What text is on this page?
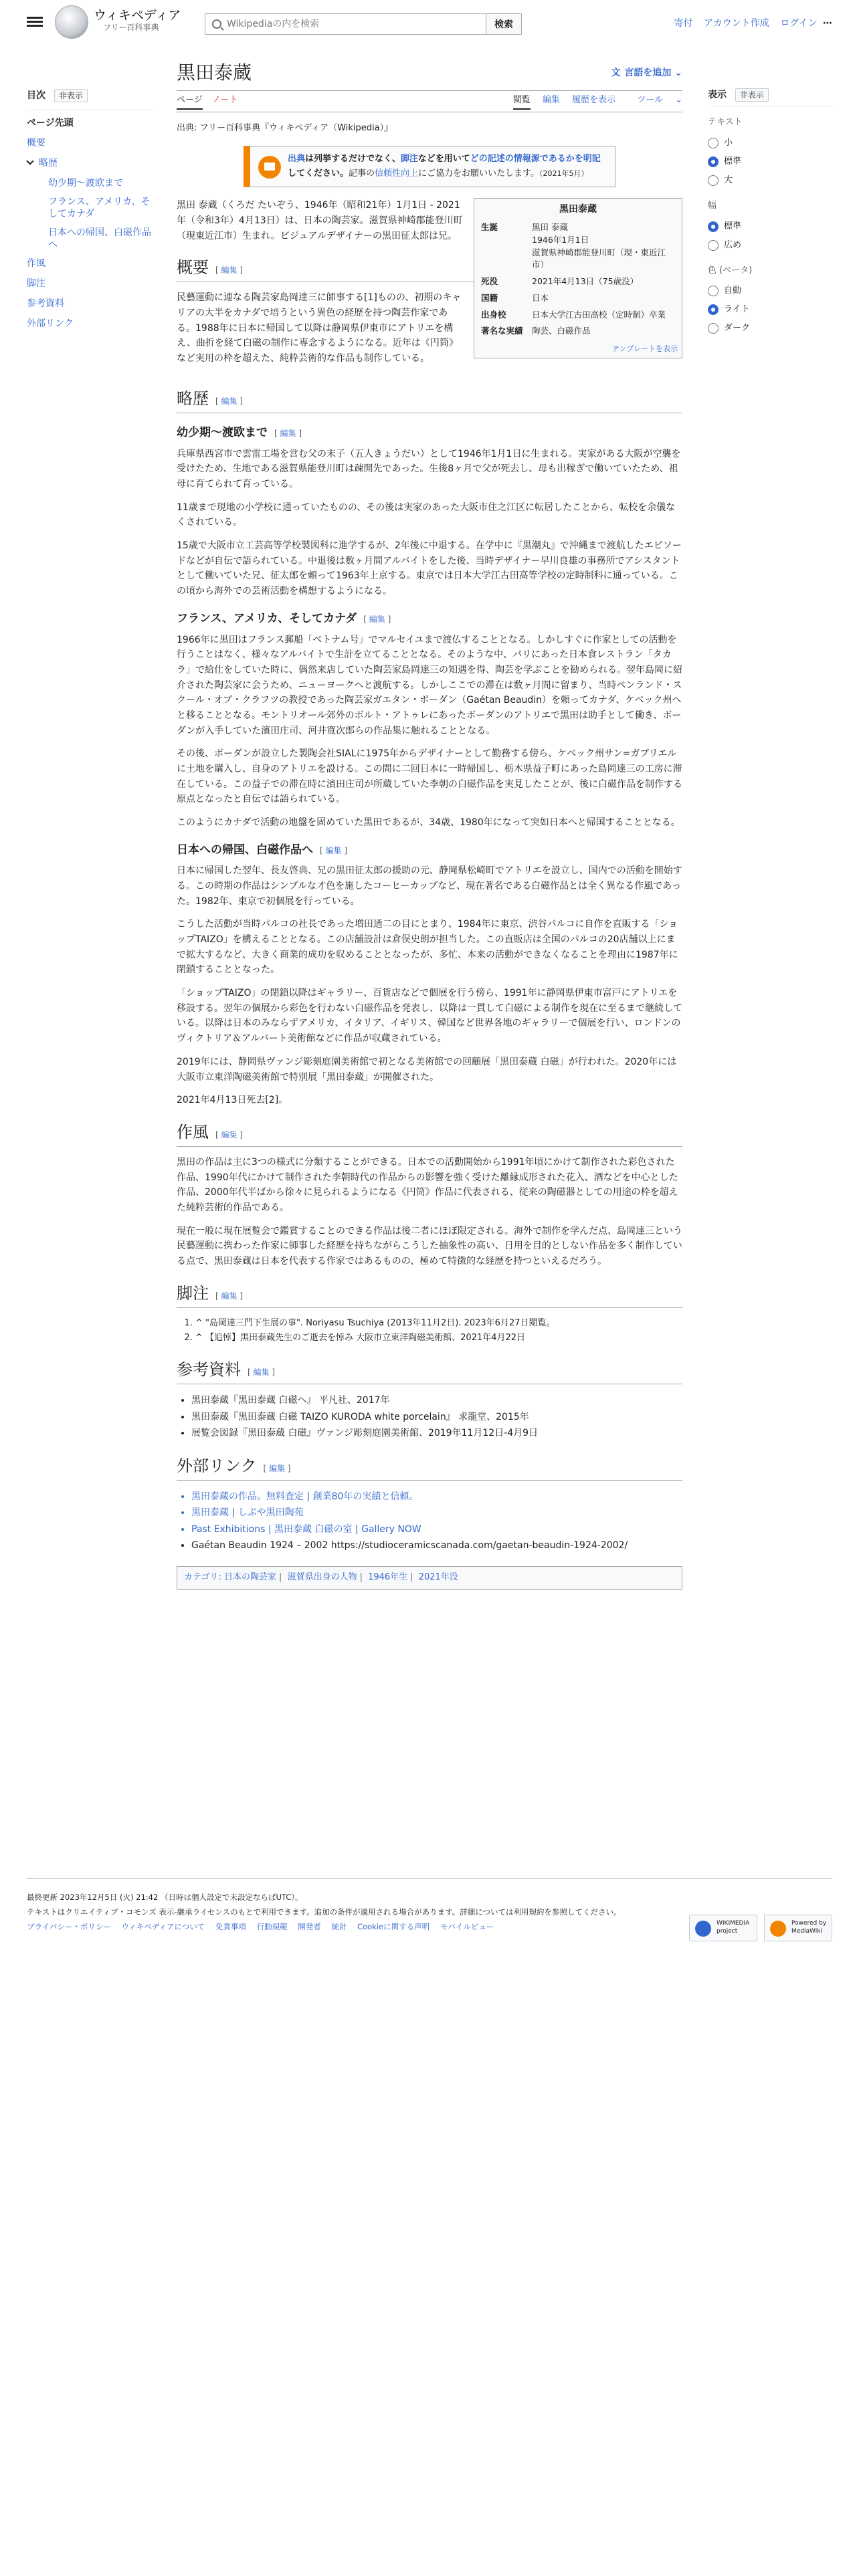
ウィキペディア
フリー百科事典
Wikipediaの内を検索	検索	寄付 アカウント作成 ログイン ⋯
目次 非表示
ページ先頭
概要
略歴
幼少期〜渡欧まで
フランス、アメリカ、そしてカナダ
日本への帰国、白磁作品へ
作風
脚注
参考資料
外部リンク
黒田泰蔵	文 言語を追加 ⌄
ページ ノート	閲覧 編集 履歴を表示 ツール ⌄
出典: フリー百科事典『ウィキペディア（Wikipedia）』
表示 非表示
テキスト
小
標準
大
幅
標準
広め
色 (ベータ)
自動
ライト
ダーク
出典は列挙するだけでなく、脚注などを用いてどの記述の情報源であるかを明記してください。記事の信頼性向上にご協力をお願いいたします。（2021年5月）
黒田泰蔵
生誕	黒田 泰蔵
1946年1月1日
滋賀県神崎郡能登川町（現・東近江市）
死没	2021年4月13日（75歳没）
国籍	日本
出身校	日本大学江古田高校（定時制）卒業
著名な実績	陶芸、白磁作品
テンプレートを表示

黒田 泰蔵（くろだ たいぞう、1946年（昭和21年）1月1日 - 2021年（令和3年）4月13日）は、日本の陶芸家。滋賀県神崎郡能登川町（現東近江市）生まれ。ビジュアルデザイナーの黒田征太郎は兄。

概要 [ 編集 ]

民藝運動に連なる陶芸家島岡達三に師事する[1]ものの、初期のキャリアの大半をカナダで培うという異色の経歴を持つ陶芸作家である。1988年に日本に帰国して以降は静岡県伊東市にアトリエを構え、曲折を経て白磁の制作に専念するようになる。近年は《円筒》など実用の枠を超えた、純粋芸術的な作品も制作している。

略歴 [ 編集 ]
幼少期〜渡欧まで [ 編集 ]

兵庫県西宮市で雲雷工場を営む父の末子（五人きょうだい）として1946年1月1日に生まれる。実家がある大阪が空襲を受けたため、生地である滋賀県能登川町は疎開先であった。生後8ヶ月で父が死去し、母も出稼ぎで働いていたため、祖母に育てられて育っている。

11歳まで現地の小学校に通っていたものの、その後は実家のあった大阪市住之江区に転居したことから、転校を余儀なくされている。

15歳で大阪市立工芸高等学校製図科に進学するが、2年後に中退する。在学中に『黒潮丸』で沖縄まで渡航したエピソードなどが自伝で語られている。中退後は数ヶ月間アルバイトをした後、当時デザイナー早川良雄の事務所でアシスタントとして働いていた兄、征太郎を頼って1963年上京する。東京では日本大学江古田高等学校の定時制科に通っている。この頃から海外での芸術活動を構想するようになる。

フランス、アメリカ、そしてカナダ [ 編集 ]

1966年に黒田はフランス郵船「ベトナム号」でマルセイユまで渡仏することとなる。しかしすぐに作家としての活動を行うことはなく、様々なアルバイトで生計を立てることとなる。そのような中、パリにあった日本食レストラン「タカラ」で給仕をしていた時に、偶然来店していた陶芸家島岡達三の知遇を得、陶芸を学ぶことを勧められる。翌年島岡に紹介された陶芸家に会うため、ニューヨークへと渡航する。しかしここでの滞在は数ヶ月間に留まり、当時ペンランド・スクール・オブ・クラフツの教授であった陶芸家ガエタン・ボーダン（Gaétan Beaudin）を頼ってカナダ、ケベック州へと移ることとなる。モントリオール郊外のボルト・アトゥレにあったボーダンのアトリエで黒田は助手として働き、ボーダンが入手していた濱田庄司、河井寛次郎らの作品集に触れることとなる。

その後、ボーダンが設立した製陶会社SIALに1975年からデザイナーとして勤務する傍ら、ケベック州サン=ガブリエルに土地を購入し、自身のアトリエを設ける。この間に二回日本に一時帰国し、栃木県益子町にあった島岡達三の工房に滞在している。この益子での滞在時に濱田庄司が所蔵していた李朝の白磁作品を実見したことが、後に白磁作品を制作する原点となったと自伝では語られている。

このようにカナダで活動の地盤を固めていた黒田であるが、34歳、1980年になって突如日本へと帰国することとなる。

日本への帰国、白磁作品へ [ 編集 ]

日本に帰国した翌年、長友啓典、兄の黒田征太郎の援助の元、静岡県松崎町でアトリエを設立し、国内での活動を開始する。この時期の作品はシンプルな才色を施したコーヒーカップなど、現在著名である白磁作品とは全く異なる作風であった。1982年、東京で初個展を行っている。

こうした活動が当時パルコの社長であった増田通二の目にとまり、1984年に東京、渋谷パルコに自作を直販する「ショップTAIZO」を構えることとなる。この店舗設計は倉俣史朗が担当した。この直販店は全国のパルコの20店舗以上にまで拡大するなど、大きく商業的成功を収めることとなったが、多忙、本来の活動ができなくなることを理由に1987年に閉鎖することとなった。

「ショップTAIZO」の閉鎖以降はギャラリー、百貨店などで個展を行う傍ら、1991年に静岡県伊東市富戸にアトリエを移設する。翌年の個展から彩色を行わない白磁作品を発表し、以降は一貫して白磁による制作を現在に至るまで継続している。以降は日本のみならずアメリカ、イタリア、イギリス、韓国など世界各地のギャラリーで個展を行い、ロンドンのヴィクトリア＆アルバート美術館などに作品が収蔵されている。

2019年には、静岡県ヴァンジ彫刻庭園美術館で初となる美術館での回顧展「黒田泰蔵 白磁」が行われた。2020年には大阪市立東洋陶磁美術館で特別展「黒田泰蔵」が開催された。

2021年4月13日死去[2]。

作風 [ 編集 ]

黒田の作品は主に3つの様式に分類することができる。日本での活動開始から1991年頃にかけて制作された彩色された作品、1990年代にかけて制作された李朝時代の作品からの影響を強く受けた離縁成形された花入、酒などを中心とした作品、2000年代半ばから徐々に見られるようになる《円筒》作品に代表される、従来の陶磁器としての用途の枠を超えた純粋芸術的作品である。

現在一般に現在展覧会で鑑賞することのできる作品は後二者にほぼ限定される。海外で制作を学んだ点、島岡達三という民藝運動に携わった作家に師事した経歴を持ちながらこうした抽象性の高い、日用を目的としない作品を多く制作している点で、黒田泰蔵は日本を代表する作家ではあるものの、極めて特徴的な経歴を持つといえるだろう。

脚注 [ 編集 ]
1. ^ "島岡達三門下生展の事". Noriyasu Tsuchiya (2013年11月2日). 2023年6月27日閲覧。
2. ^ 【追悼】黒田泰蔵先生のご逝去を悼み 大阪市立東洋陶磁美術館、2021年4月22日
参考資料 [ 編集 ]
• 黒田泰蔵『黒田泰蔵 白磁へ』 平凡社、2017年
• 黒田泰蔵『黒田泰蔵 白磁 TAIZO KURODA white porcelain』 求龍堂、2015年
• 展覧会図録『黒田泰蔵 白磁』ヴァンジ彫刻庭園美術館、2019年11月12日-4月9日
外部リンク [ 編集 ]
• 黒田泰蔵の作品。無料査定 | 創業80年の実績と信頼。
• 黒田泰蔵 | しぶや黒田陶苑
• Past Exhibitions | 黒田泰蔵 白磁の室 | Gallery NOW
• Gaétan Beaudin 1924 – 2002 https://studioceramicscanada.com/gaetan-beaudin-1924-2002/
カテゴリ: 日本の陶芸家 | 滋賀県出身の人物 | 1946年生 | 2021年没
最終更新 2023年12月5日 (火) 21:42 （日時は個人設定で未設定ならばUTC）。
テキストはクリエイティブ・コモンズ 表示-継承ライセンスのもとで利用できます。追加の条件が適用される場合があります。詳細については利用規約を参照してください。
プライバシー・ポリシー ウィキペディアについて 免責事項 行動規範 開発者 統計 Cookieに関する声明 モバイルビュー	WIKIMEDIA project
Powered by MediaWiki
